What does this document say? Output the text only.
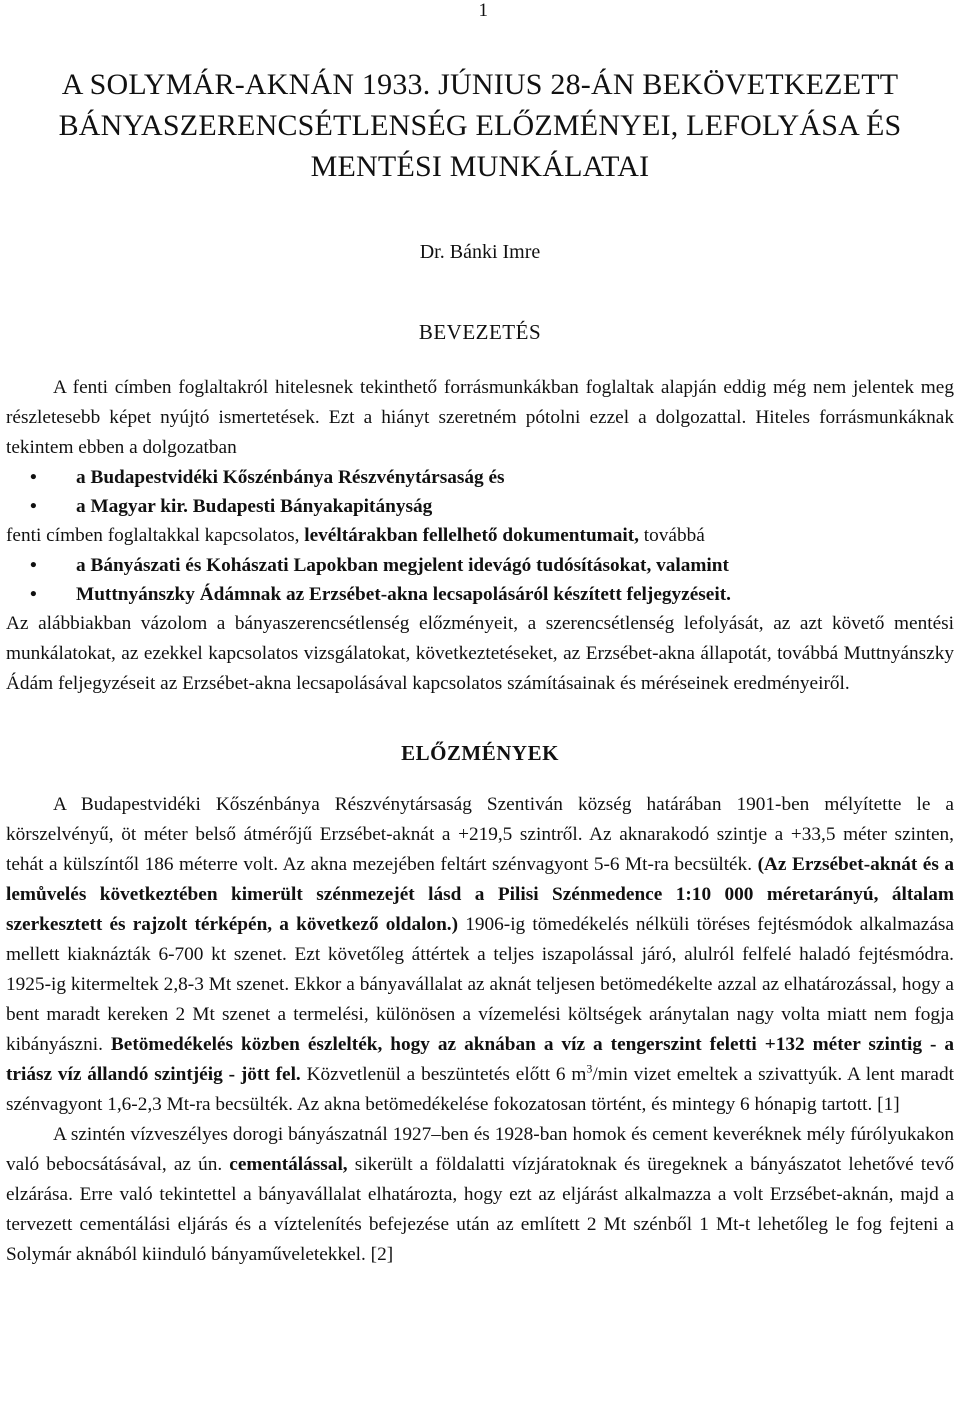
1
A SOLYMÁR-AKNÁN 1933. JÚNIUS 28-ÁN BEKÖVETKEZETT
BÁNYASZERENCSÉTLENSÉG ELŐZMÉNYEI, LEFOLYÁSA ÉS
MENTÉSI MUNKÁLATAI
Dr. Bánki Imre
BEVEZETÉS

A fenti címben foglaltakról hitelesnek tekinthető forrásmunkákban foglaltak alapján eddig még nem jelentek meg részletesebb képet nyújtó ismertetések. Ezt a hiányt szeretném pótolni ezzel a dolgozattal. Hiteles forrásmunkáknak tekintem ebben a dolgozatban

• a Budapestvidéki Kőszénbánya Részvénytársaság és
• a Magyar kir. Budapesti Bányakapitányság

fenti címben foglaltakkal kapcsolatos, levéltárakban fellelhető dokumentumait, továbbá

• a Bányászati és Kohászati Lapokban megjelent idevágó tudósításokat, valamint
• Muttnyánszky Ádámnak az Erzsébet-akna lecsapolásáról készített feljegyzéseit.

Az alábbiakban vázolom a bányaszerencsétlenség előzményeit, a szerencsétlenség lefolyását, az azt követő mentési munkálatokat, az ezekkel kapcsolatos vizsgálatokat, következtetéseket, az Erzsébet-akna állapotát, továbbá Muttnyánszky Ádám feljegyzéseit az Erzsébet-akna lecsapolásával kapcsolatos számításainak és méréseinek eredményeiről.

ELŐZMÉNYEK

A Budapestvidéki Kőszénbánya Részvénytársaság Szentiván község határában 1901-ben mélyítette le a körszelvényű, öt méter belső átmérőjű Erzsébet-aknát a +219,5 szintről. Az aknarakodó szintje a +33,5 méter szinten, tehát a külszíntől 186 méterre volt. Az akna mezejében feltárt szénvagyont 5-6 Mt-ra becsülték. (Az Erzsébet-aknát és a lemůvelés következtében kimerült szénmezejét lásd a Pilisi Szénmedence 1:10 000 méretarányú, általam szerkesztett és rajzolt térképén, a következő oldalon.) 1906-ig tömedékelés nélküli töréses fejtésmódok alkalmazása mellett kiaknázták 6-700 kt szenet. Ezt követőleg áttértek a teljes iszapolással járó, alulról felfelé haladó fejtésmódra. 1925-ig kitermeltek 2,8-3 Mt szenet. Ekkor a bányavállalat az aknát teljesen betömedékelte azzal az elhatározással, hogy a bent maradt kereken 2 Mt szenet a termelési, különösen a vízemelési költségek aránytalan nagy volta miatt nem fogja kibányászni. Betömedékelés közben észlelték, hogy az aknában a víz a tengerszint feletti +132 méter szintig - a triász víz állandó szintjéig - jött fel. Közvetlenül a beszüntetés előtt 6 $m^3/\min$ vizet emeltek a szivattyúk. A lent maradt szénvagyont 1,6-2,3 Mt-ra becsülték. Az akna betömedékelése fokozatosan történt, és mintegy 6 hónapig tartott. [1]

A szintén vízveszélyes dorogi bányászatnál 1927–ben és 1928-ban homok és cement keveréknek mély fúrólyukakon való bebocsátásával, az ún. cementálással, sikerült a földalatti vízjáratoknak és üregeknek a bányászatot lehetővé tevő elzárása. Erre való tekintettel a bányavállalat elhatározta, hogy ezt az eljárást alkalmazza a volt Erzsébet-aknán, majd a tervezett cementálási eljárás és a víztelenítés befejezése után az említett 2 Mt szénből 1 Mt-t lehetőleg le fog fejteni a Solymár aknából kiinduló bányaműveletekkel. [2]
